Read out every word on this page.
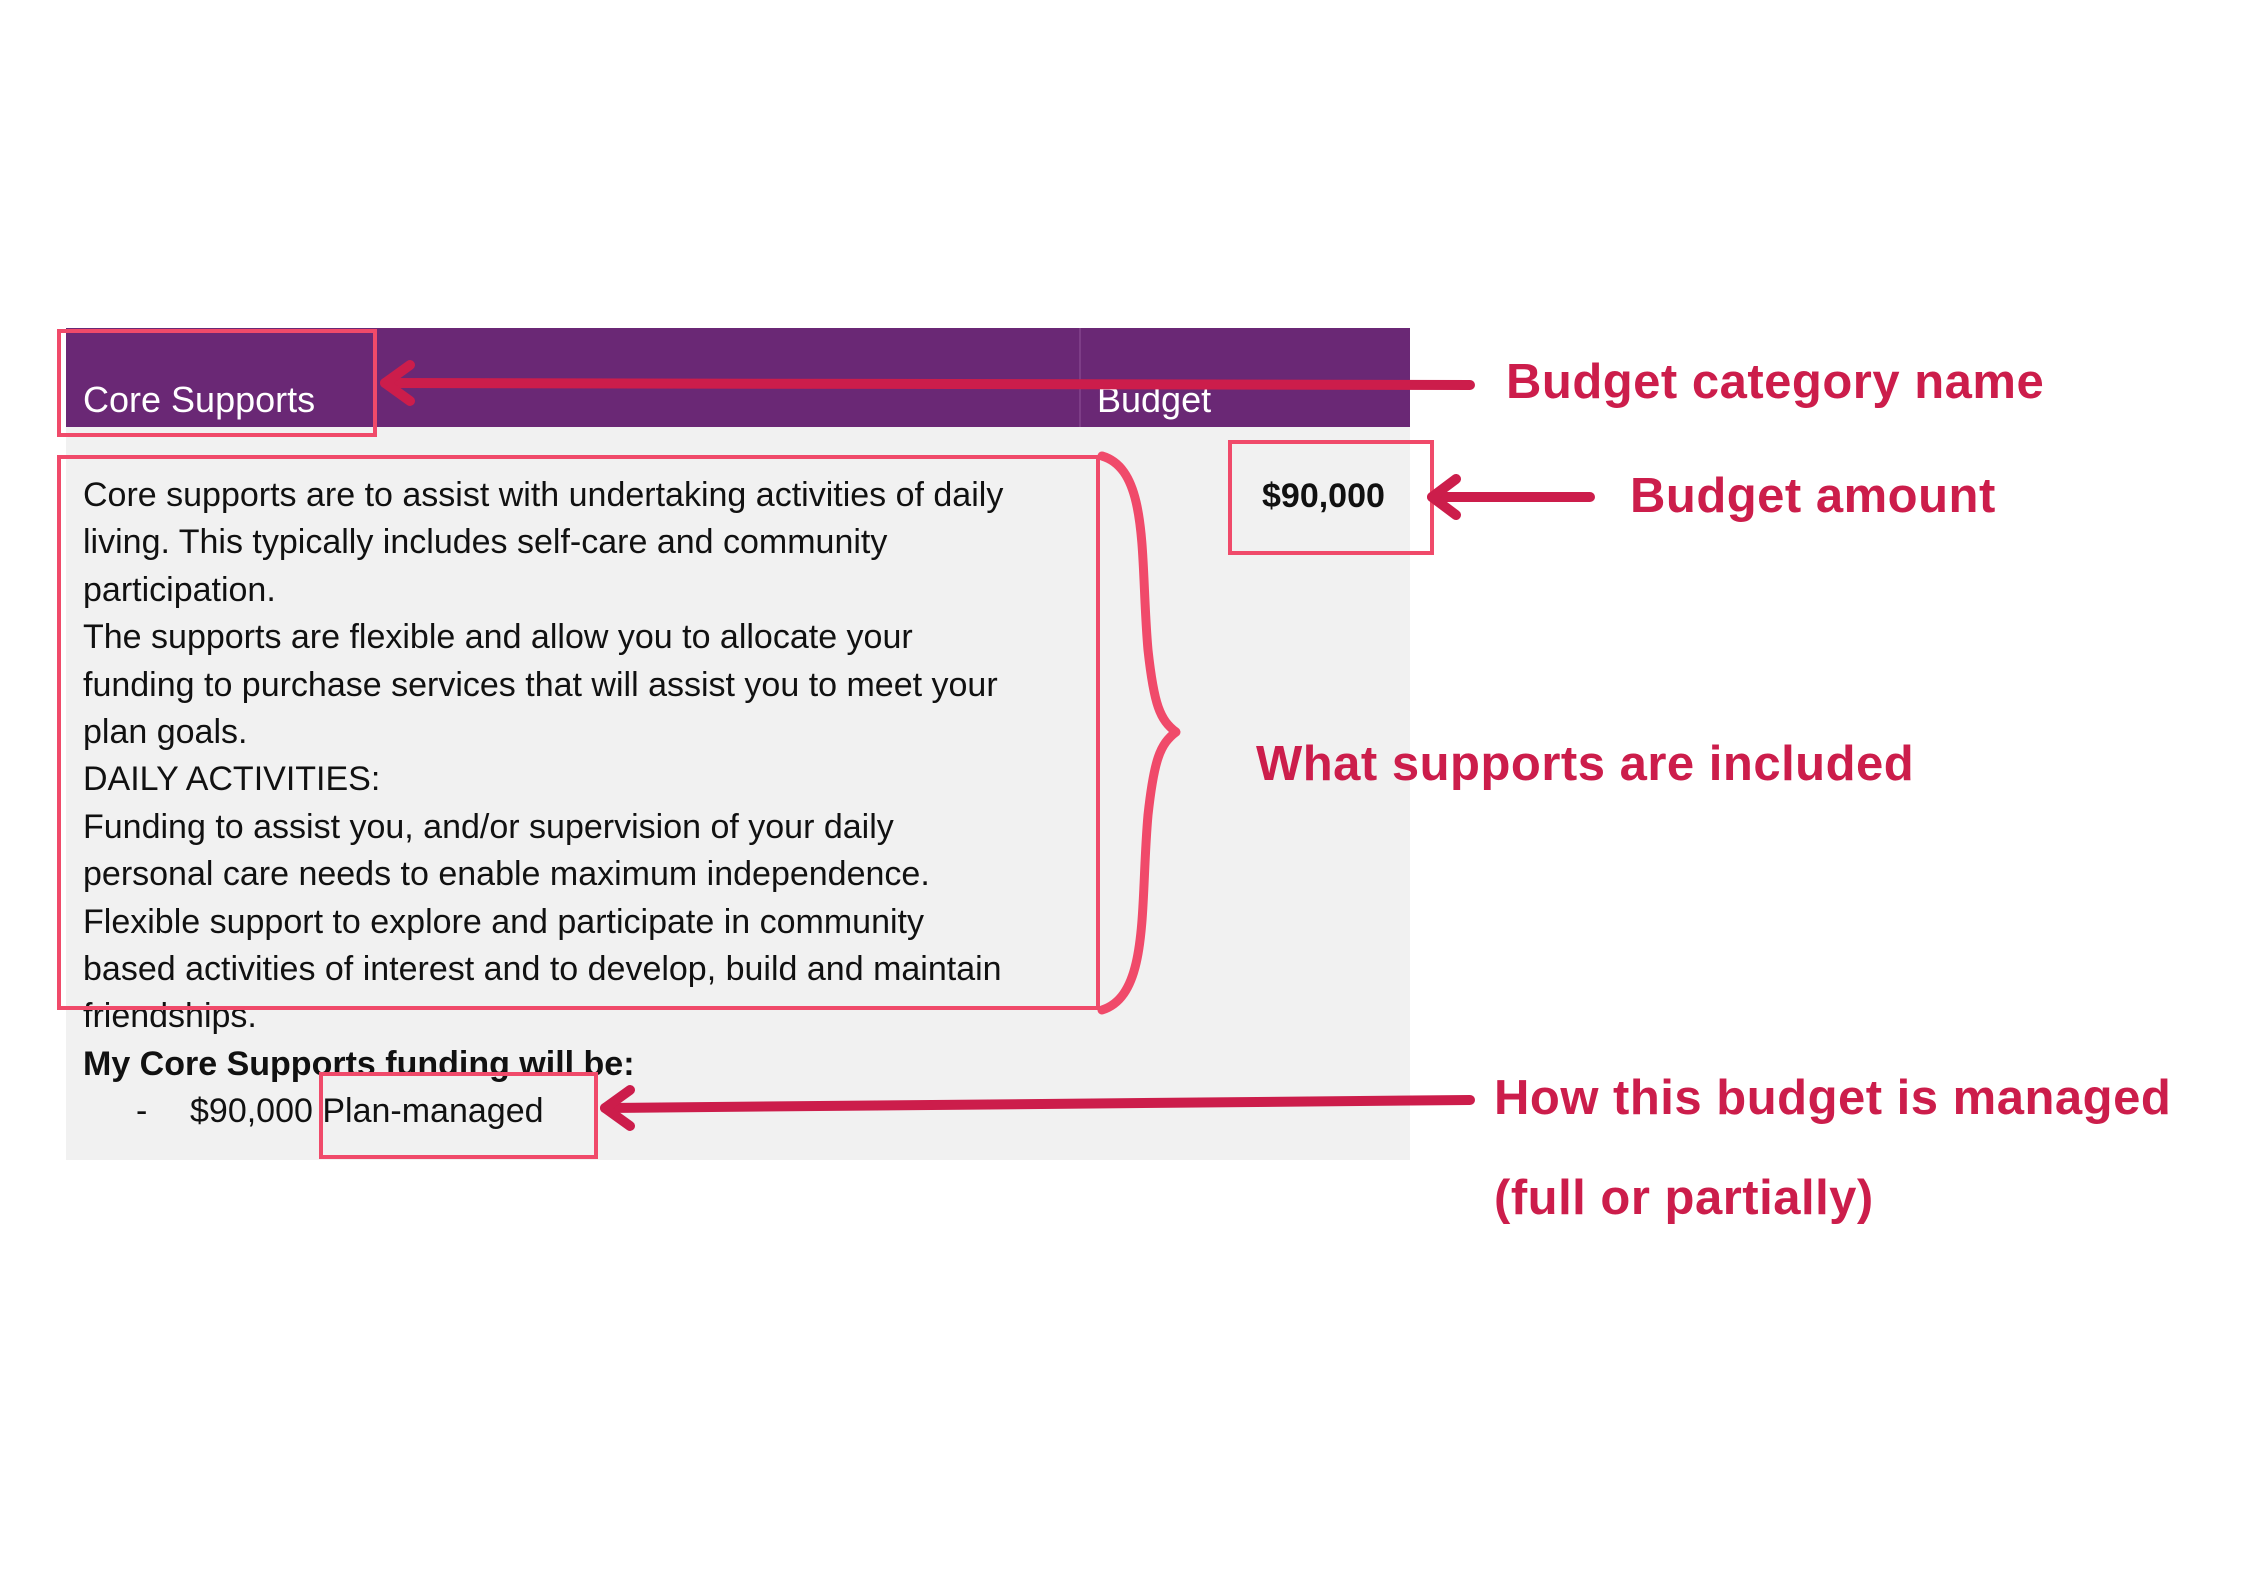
Core Supports	Budget
Core supports are to assist with undertaking activities of daily
living. This typically includes self-care and community
participation.
The supports are flexible and allow you to allocate your
funding to purchase services that will assist you to meet your
plan goals.
DAILY ACTIVITIES:
Funding to assist you, and/or supervision of your daily
personal care needs to enable maximum independence.
Flexible support to explore and participate in community
based activities of interest and to develop, build and maintain
friendships.
My Core Supports funding will be:
- $90,000 Plan-managed
$90,000
Budget category name
Budget amount
What supports are included
How this budget is managed
(full or partially)
